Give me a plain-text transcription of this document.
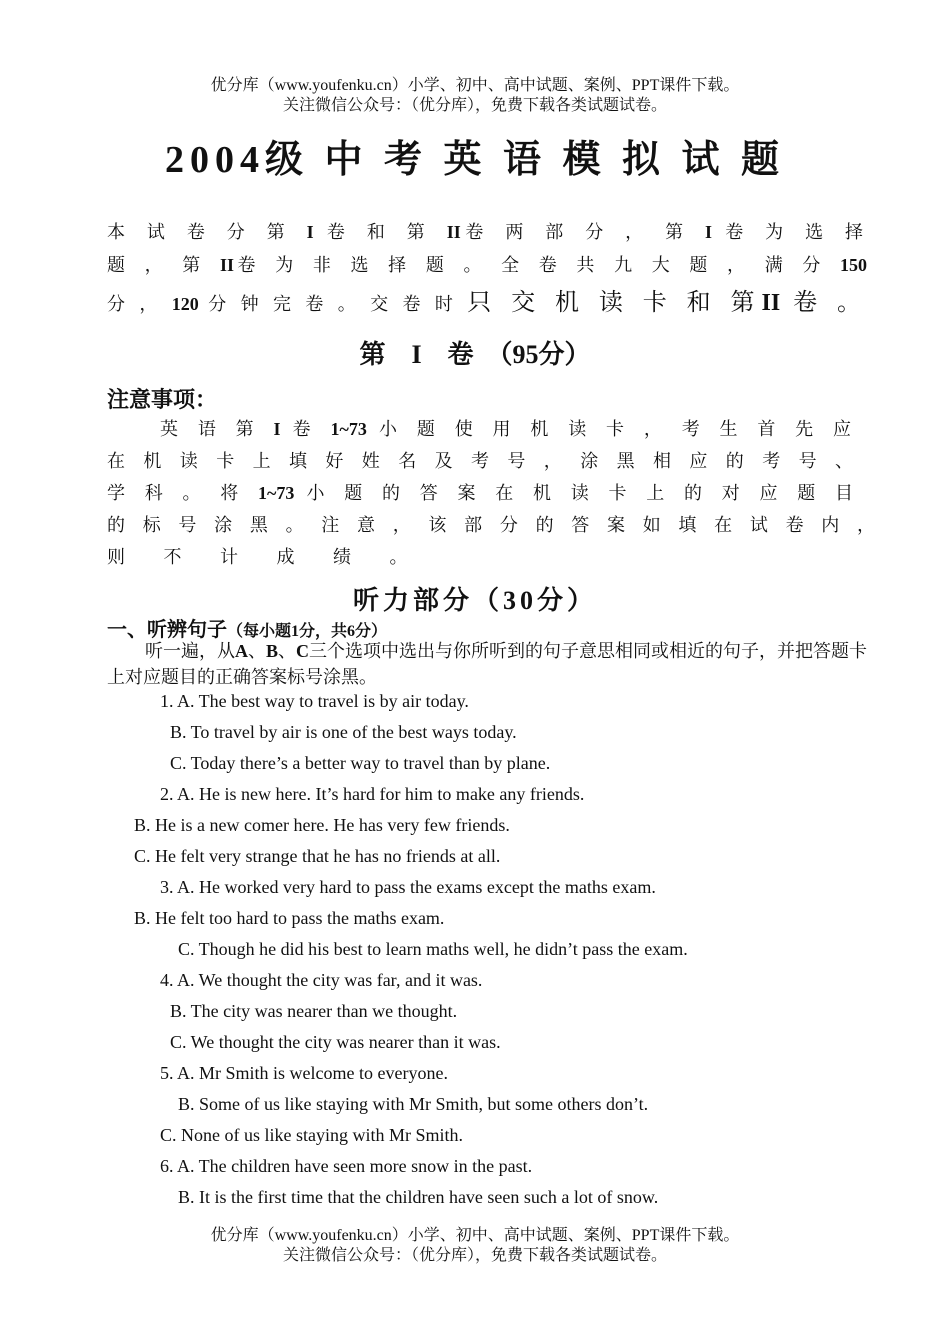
优分库（www.youfenku.cn）小学、初中、高中试题、案例、PPT课件下载。
关注微信公众号：（优分库），免费下载各类试题试卷。
2004级 中 考 英 语 模 拟 试 题
本 试 卷 分 第 I 卷 和 第 II卷 两 部 分 ， 第 I 卷 为 选 择
题 ， 第 II卷 为 非 选 择 题 。 全 卷 共 九 大 题 ， 满 分 150
分 ， 120 分 钟 完 卷 。 交 卷 时 只 交 机 读 卡 和 第II 卷 。
第　I　卷　（95分）
注意事项：
英 语 第 I 卷 1~73 小 题 使 用 机 读 卡 ， 考 生 首 先 应
在 机 读 卡 上 填 好 姓 名 及 考 号 ， 涂 黑 相 应 的 考 号 、
学 科 。 将 1~73 小 题 的 答 案 在 机 读 卡 上 的 对 应 题 目
的 标 号 涂 黑 。 注 意 ， 该 部 分 的 答 案 如 填 在 试 卷 内 ，
则 不 计 成 绩 。
听力部分（30分）
一、听辨句子（每小题1分，共6分）
听一遍，从A、B、C三个选项中选出与你所听到的句子意思相同或相近的句子，并把答题卡上对应题目的正确答案标号涂黑。
1. A. The best way to travel is by air today.
B. To travel by air is one of the best ways today.
C. Today there’s a better way to travel than by plane.
2. A. He is new here. It’s hard for him to make any friends.
B. He is a new comer here. He has very few friends.
C. He felt very strange that he has no friends at all.
3. A. He worked very hard to pass the exams except the maths exam.
B. He felt too hard to pass the maths exam.
C. Though he did his best to learn maths well, he didn’t pass the exam.
4. A. We thought the city was far, and it was.
B. The city was nearer than we thought.
C. We thought the city was nearer than it was.
5. A. Mr Smith is welcome to everyone.
B. Some of us like staying with Mr Smith, but some others don’t.
C. None of us like staying with Mr Smith.
6. A. The children have seen more snow in the past.
B. It is the first time that the children have seen such a lot of snow.
优分库（www.youfenku.cn）小学、初中、高中试题、案例、PPT课件下载。
关注微信公众号：（优分库），免费下载各类试题试卷。
